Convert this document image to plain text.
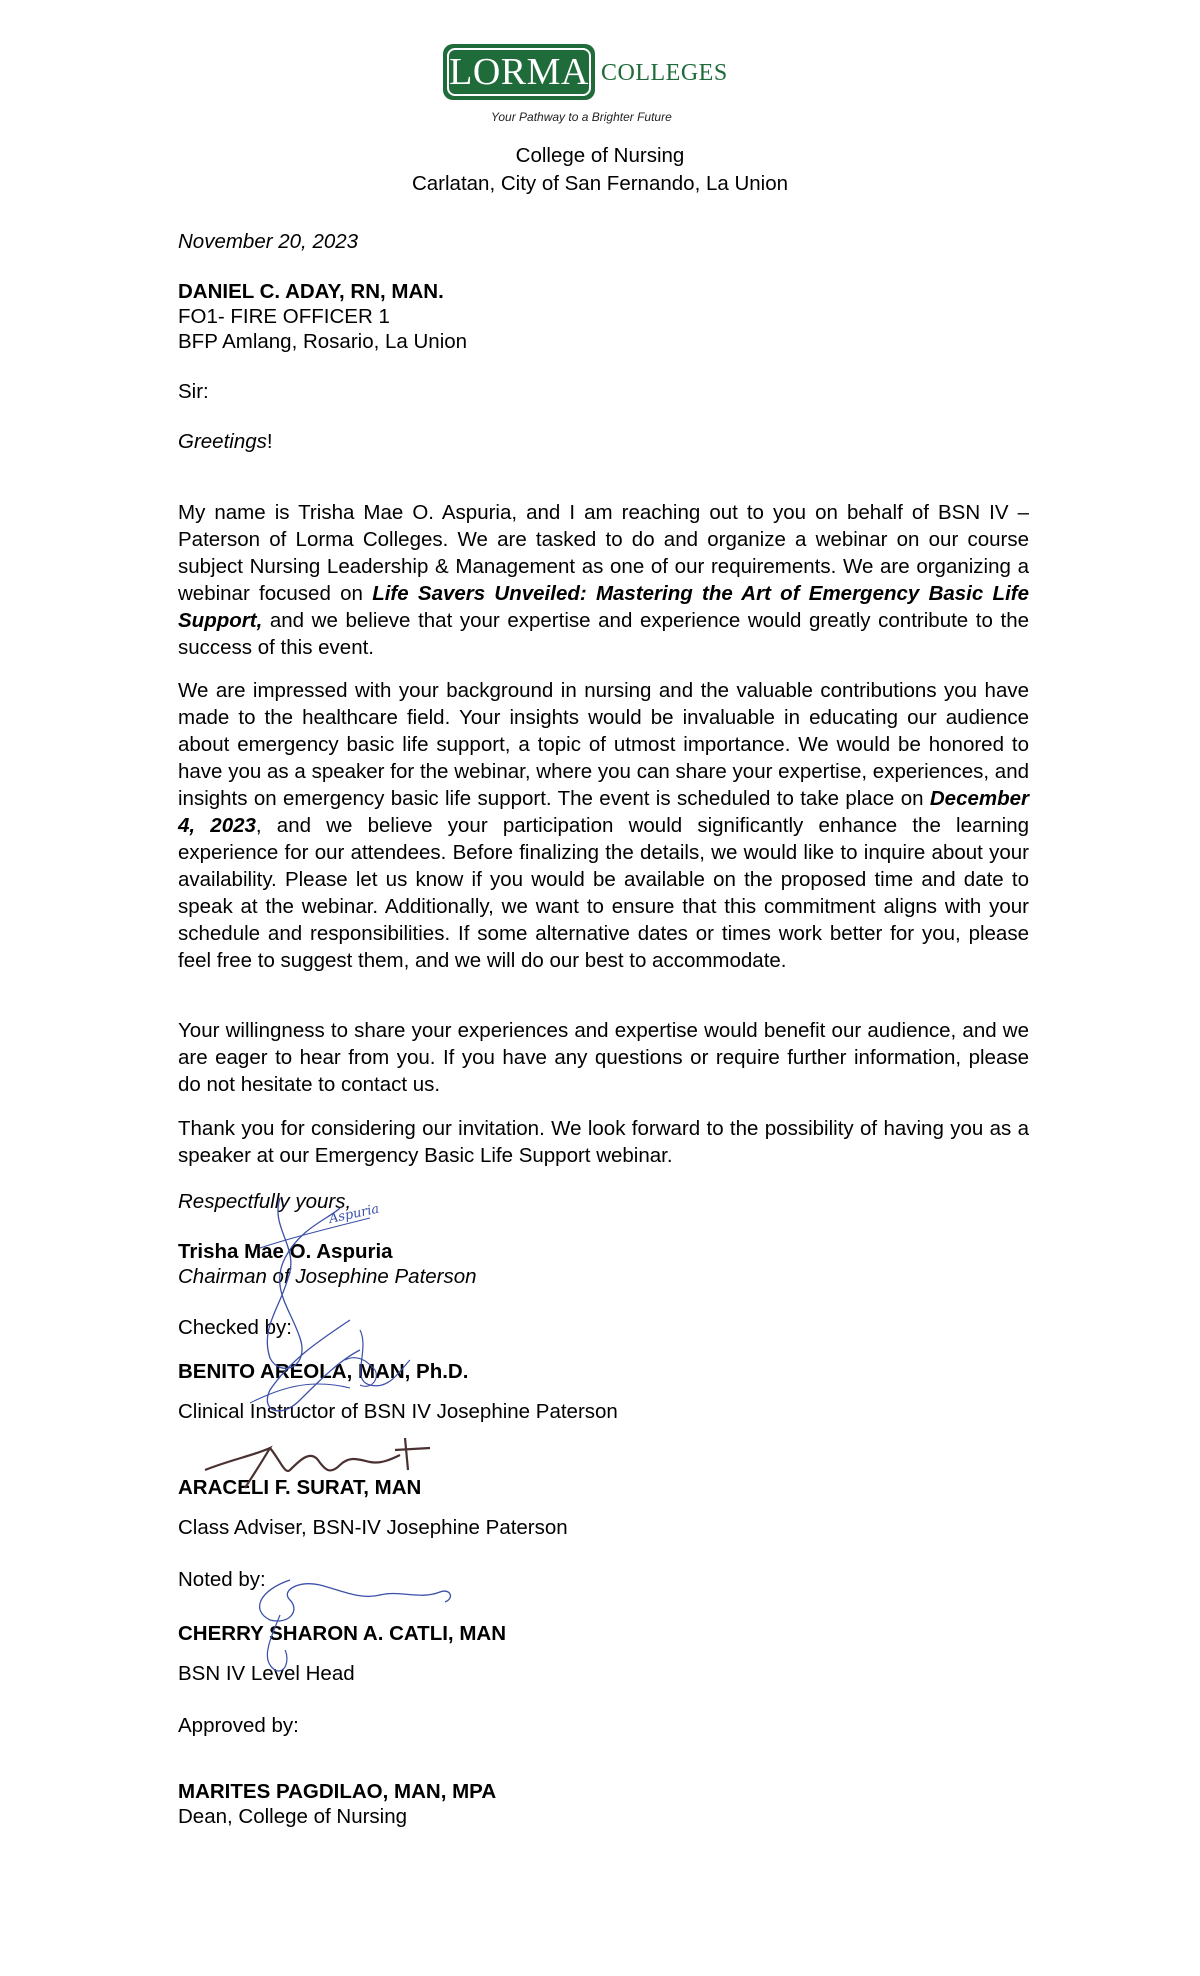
LORMA COLLEGES
Your Pathway to a Brighter Future
College of Nursing
Carlatan, City of San Fernando, La Union
November 20, 2023
DANIEL C. ADAY, RN, MAN.
FO1- FIRE OFFICER 1
BFP Amlang, Rosario, La Union
Sir:
Greetings!

My name is Trisha Mae O. Aspuria, and I am reaching out to you on behalf of BSN IV – Paterson of Lorma Colleges. We are tasked to do and organize a webinar on our course subject Nursing Leadership & Management as one of our requirements. We are organizing a webinar focused on Life Savers Unveiled: Mastering the Art of Emergency Basic Life Support, and we believe that your expertise and experience would greatly contribute to the success of this event.

We are impressed with your background in nursing and the valuable contributions you have made to the healthcare field. Your insights would be invaluable in educating our audience about emergency basic life support, a topic of utmost importance. We would be honored to have you as a speaker for the webinar, where you can share your expertise, experiences, and insights on emergency basic life support. The event is scheduled to take place on December 4, 2023, and we believe your participation would significantly enhance the learning experience for our attendees. Before finalizing the details, we would like to inquire about your availability. Please let us know if you would be available on the proposed time and date to speak at the webinar. Additionally, we want to ensure that this commitment aligns with your schedule and responsibilities. If some alternative dates or times work better for you, please feel free to suggest them, and we will do our best to accommodate.

Your willingness to share your experiences and expertise would benefit our audience, and we are eager to hear from you. If you have any questions or require further information, please do not hesitate to contact us.

Thank you for considering our invitation. We look forward to the possibility of having you as a speaker at our Emergency Basic Life Support webinar.

Respectfully yours,
Trisha Mae O. Aspuria
Chairman of Josephine Paterson
Checked by:
BENITO AREOLA, MAN, Ph.D.
Clinical Instructor of BSN IV Josephine Paterson
ARACELI F. SURAT, MAN
Class Adviser, BSN-IV Josephine Paterson
Noted by:
CHERRY SHARON A. CATLI, MAN
BSN IV Level Head
Approved by:
MARITES PAGDILAO, MAN, MPA
Dean, College of Nursing
Aspuria
